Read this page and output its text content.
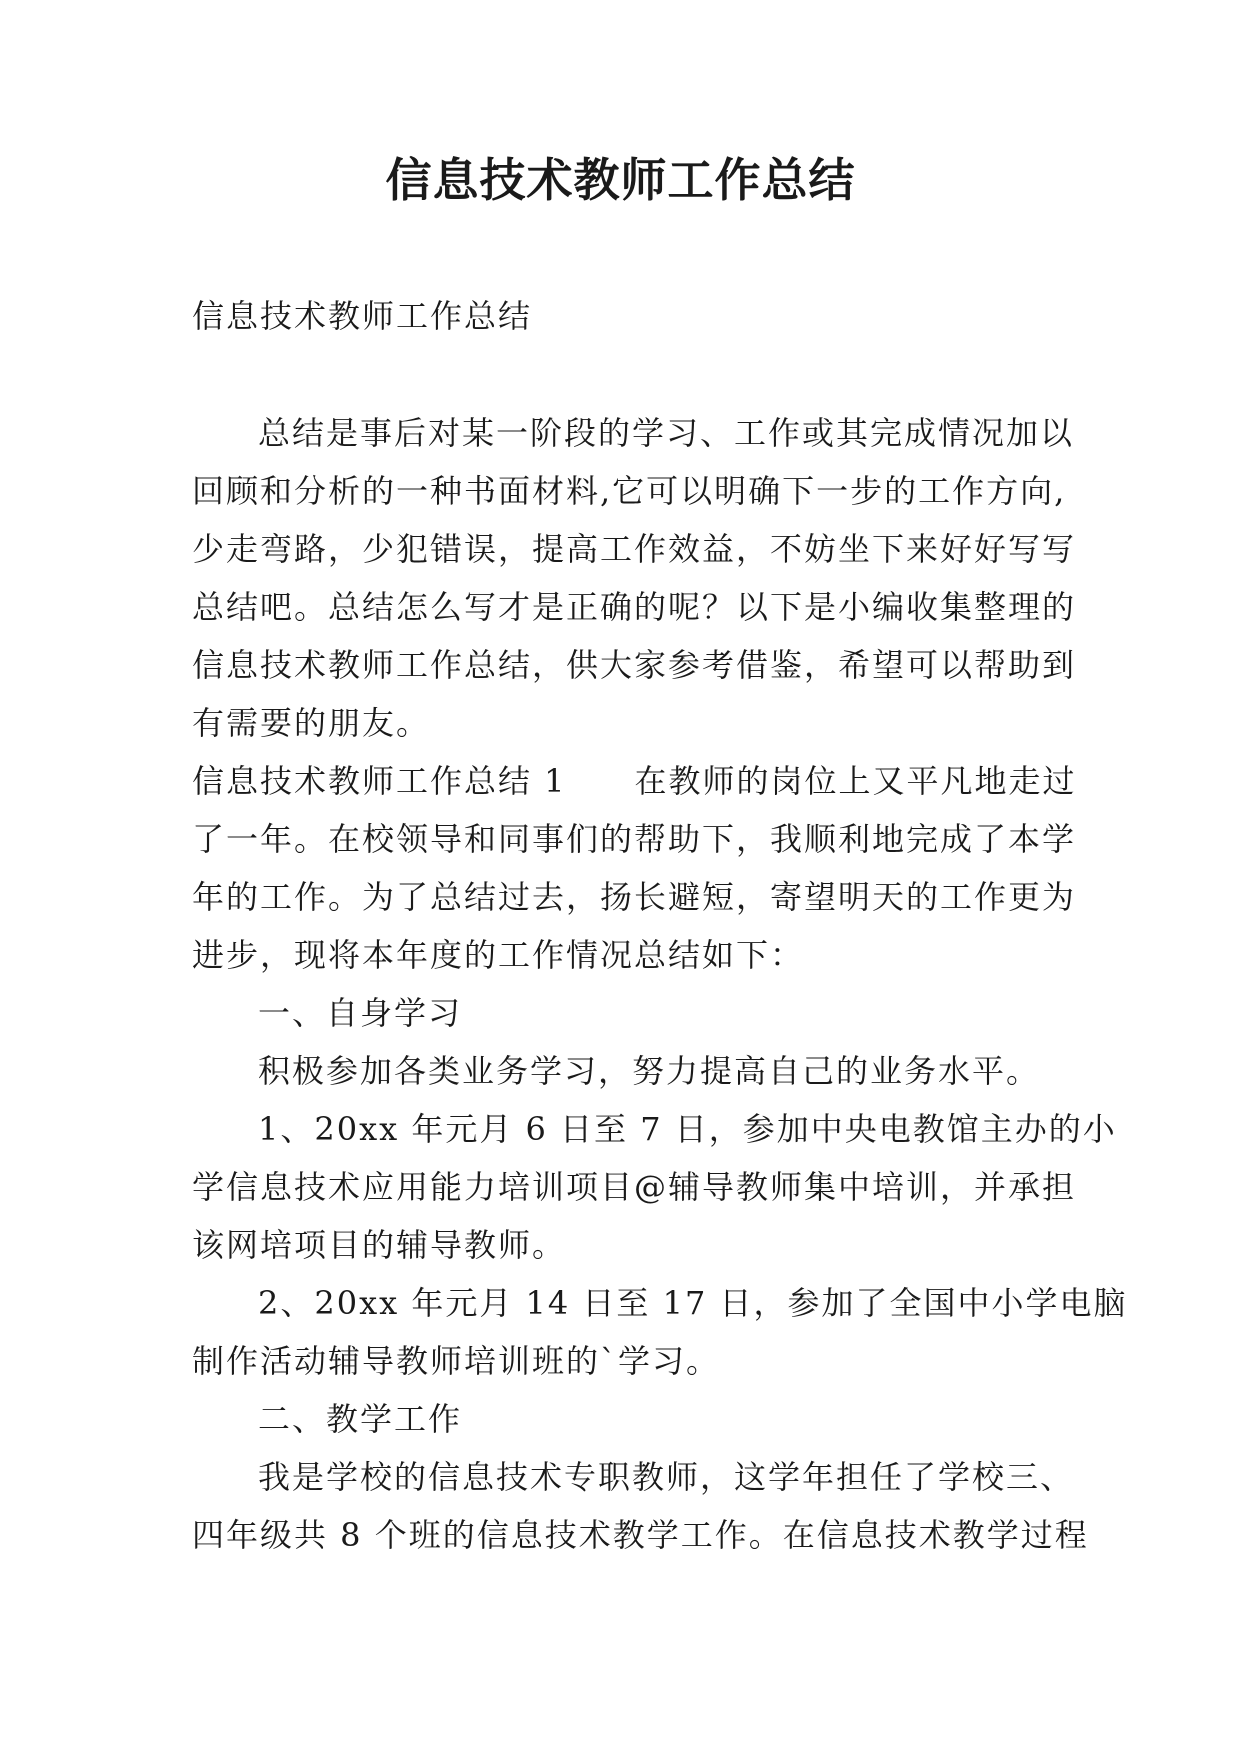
信息技术教师工作总结
信息技术教师工作总结
总结是事后对某一阶段的学习、工作或其完成情况加以
回顾和分析的一种书面材料,它可以明确下一步的工作方向,
少走弯路，少犯错误，提高工作效益，不妨坐下来好好写写
总结吧。总结怎么写才是正确的呢？以下是小编收集整理的
信息技术教师工作总结，供大家参考借鉴，希望可以帮助到
有需要的朋友。
信息技术教师工作总结 1　　在教师的岗位上又平凡地走过
了一年。在校领导和同事们的帮助下，我顺利地完成了本学
年的工作。为了总结过去，扬长避短，寄望明天的工作更为
进步，现将本年度的工作情况总结如下：
一、自身学习
积极参加各类业务学习，努力提高自己的业务水平。
1、20xx 年元月 6 日至 7 日，参加中央电教馆主办的小
学信息技术应用能力培训项目@辅导教师集中培训，并承担
该网培项目的辅导教师。
2、20xx 年元月 14 日至 17 日，参加了全国中小学电脑
制作活动辅导教师培训班的`学习。
二、教学工作
我是学校的信息技术专职教师，这学年担任了学校三、
四年级共 8 个班的信息技术教学工作。在信息技术教学过程
